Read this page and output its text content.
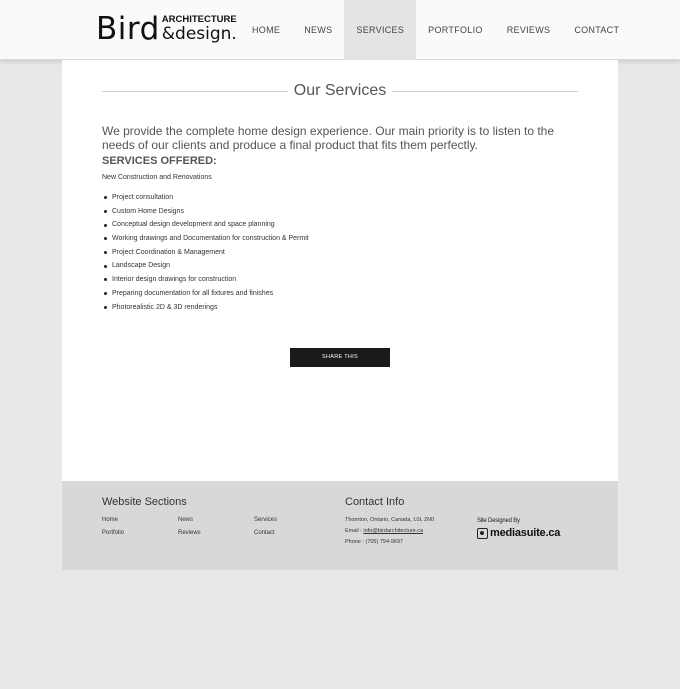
Bird ARCHITECTURE
&design.	HOME	NEWS	SERVICES	PORTFOLIO	REVIEWS	CONTACT
Our Services

We provide the complete home design experience. Our main priority is to listen to the needs of our clients and produce a final product that fits them perfectly.

SERVICES OFFERED:
New Construction and Renovations
Project consultation
Custom Home Designs
Conceptual design development and space planning
Working drawings and Documentation for construction & Permit
Project Coordination & Management
Landscape Design
Interior design drawings for construction
Preparing documentation for all fixtures and finishes
Photorealistic 2D & 3D renderings
SHARE THIS
Website Sections
Home	News	Services
Portfolio	Reviews	Contact
Contact Info
Thornton, Ontario, Canada, L0L 2N0
Email : info@birdarchitecture.ca
Phone : (705) 794-9697
Site Designed By
mediasuite.ca
